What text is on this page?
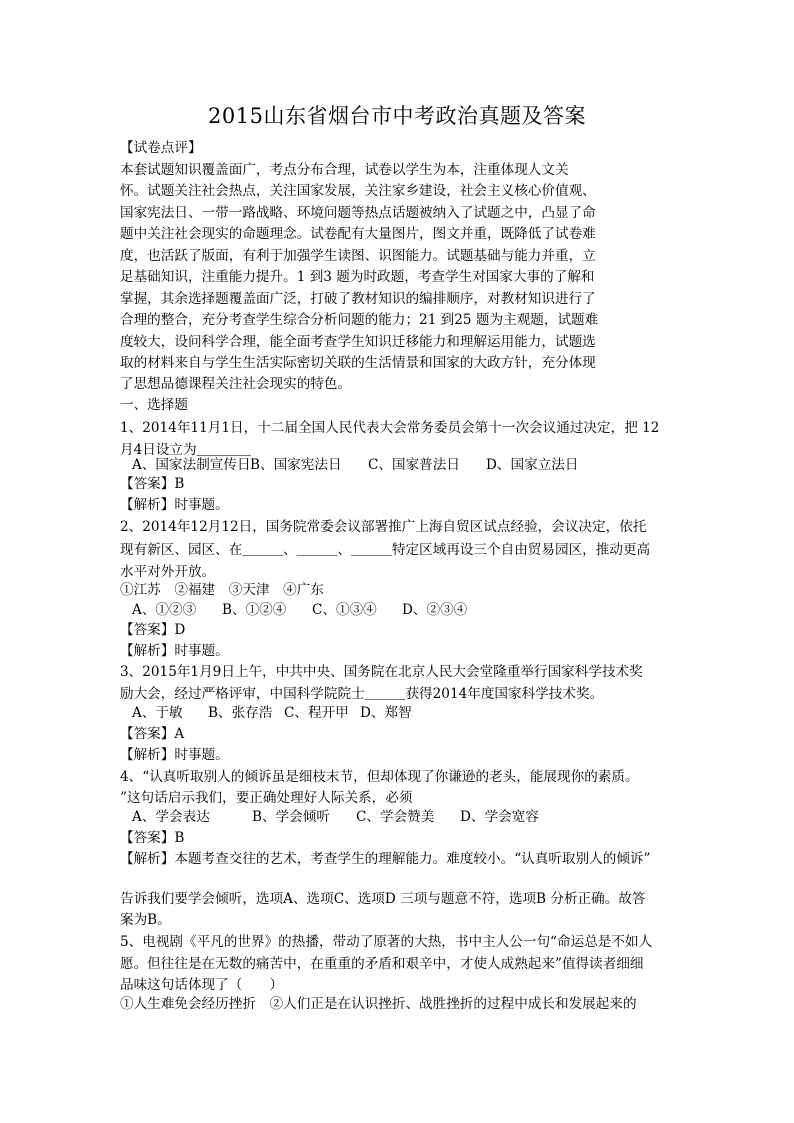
2015山东省烟台市中考政治真题及答案
【试卷点评】
本套试题知识覆盖面广，考点分布合理，试卷以学生为本，注重体现人文关
怀。试题关注社会热点，关注国家发展，关注家乡建设，社会主义核心价值观、
国家宪法日、一带一路战略、环境问题等热点话题被纳入了试题之中，凸显了命
题中关注社会现实的命题理念。试卷配有大量图片，图文并重，既降低了试卷难
度，也活跃了版面，有利于加强学生读图、识图能力。试题基础与能力并重，立
足基础知识，注重能力提升。1 到3 题为时政题，考查学生对国家大事的了解和
掌握，其余选择题覆盖面广泛，打破了教材知识的编排顺序，对教材知识进行了
合理的整合，充分考查学生综合分析问题的能力；21 到25 题为主观题，试题难
度较大，设问科学合理，能全面考查学生知识迁移能力和理解运用能力，试题选
取的材料来自与学生生活实际密切关联的生活情景和国家的大政方针，充分体现
了思想品德课程关注社会现实的特色。
一、选择题
1、2014年11月1日，十二届全国人民代表大会常务委员会第十一次会议通过决定，把 12
月4日设立为＿＿＿＿
A、国家法制宣传日B、国家宪法日 C、国家普法日 D、国家立法日
【答案】B
【解析】时事题。
2、2014年12月12日，国务院常委会议部署推广上海自贸区试点经验，会议决定，依托
现有新区、园区、在＿＿＿、＿＿＿、＿＿＿特定区域再设三个自由贸易园区，推动更高
水平对外开放。
①江苏　②福建　③天津　④广东
A、①②③ B、①②④ C、①③④ D、②③④
【答案】D
【解析】时事题。
3、2015年1月9日上午，中共中央、国务院在北京人民大会堂隆重举行国家科学技术奖
励大会，经过严格评审，中国科学院院士＿＿＿获得2014年度国家科学技术奖。
A、于敏 B、张存浩 C、程开甲 D、郑智
【答案】A
【解析】时事题。
4、“认真听取别人的倾诉虽是细枝末节，但却体现了你谦逊的老头，能展现你的素质。
”这句话启示我们，要正确处理好人际关系，必须
A、学会表达	B、学会倾听 C、学会赞美 D、学会宽容
【答案】B
【解析】本题考查交往的艺术，考查学生的理解能力。难度较小。“认真听取别人的倾诉”
告诉我们要学会倾听，选项A、选项C、选项D 三项与题意不符，选项B 分析正确。故答
案为B。
5、电视剧《平凡的世界》的热播，带动了原著的大热，书中主人公一句“命运总是不如人
愿。但往往是在无数的痛苦中，在重重的矛盾和艰辛中，才使人成熟起来”值得读者细细
品味这句话体现了（　　）
①人生难免会经历挫折　②人们正是在认识挫折、战胜挫折的过程中成长和发展起来的
